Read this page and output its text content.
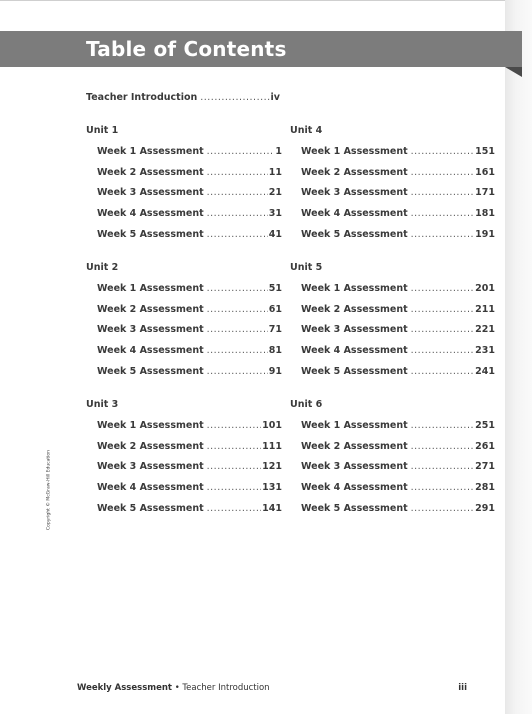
Teacher Introduction .....	iv
Unit 1
Week 1 Assessment .....	1
Week 2 Assessment .....	11
Week 3 Assessment .....	21
Week 4 Assessment .....	31
Week 5 Assessment .....	41
Unit 2
Week 1 Assessment .....	51
Week 2 Assessment .....	61
Week 3 Assessment .....	71
Week 4 Assessment .....	81
Week 5 Assessment .....	91
Unit 3
Week 1 Assessment .....	101
Week 2 Assessment .....	111
Week 3 Assessment .....	121
Week 4 Assessment .....	131
Week 5 Assessment .....	141
Unit 4
Week 1 Assessment .....	151
Week 2 Assessment .....	161
Week 3 Assessment .....	171
Week 4 Assessment .....	181
Week 5 Assessment .....	191
Unit 5
Week 1 Assessment .....	201
Week 2 Assessment .....	211
Week 3 Assessment .....	221
Week 4 Assessment .....	231
Week 5 Assessment .....	241
Unit 6
Week 1 Assessment .....	251
Week 2 Assessment .....	261
Week 3 Assessment .....	271
Week 4 Assessment .....	281
Week 5 Assessment .....	291
Copyright © McGraw-Hill Education
Weekly Assessment • Teacher Introduction	iii
Table of Contents
